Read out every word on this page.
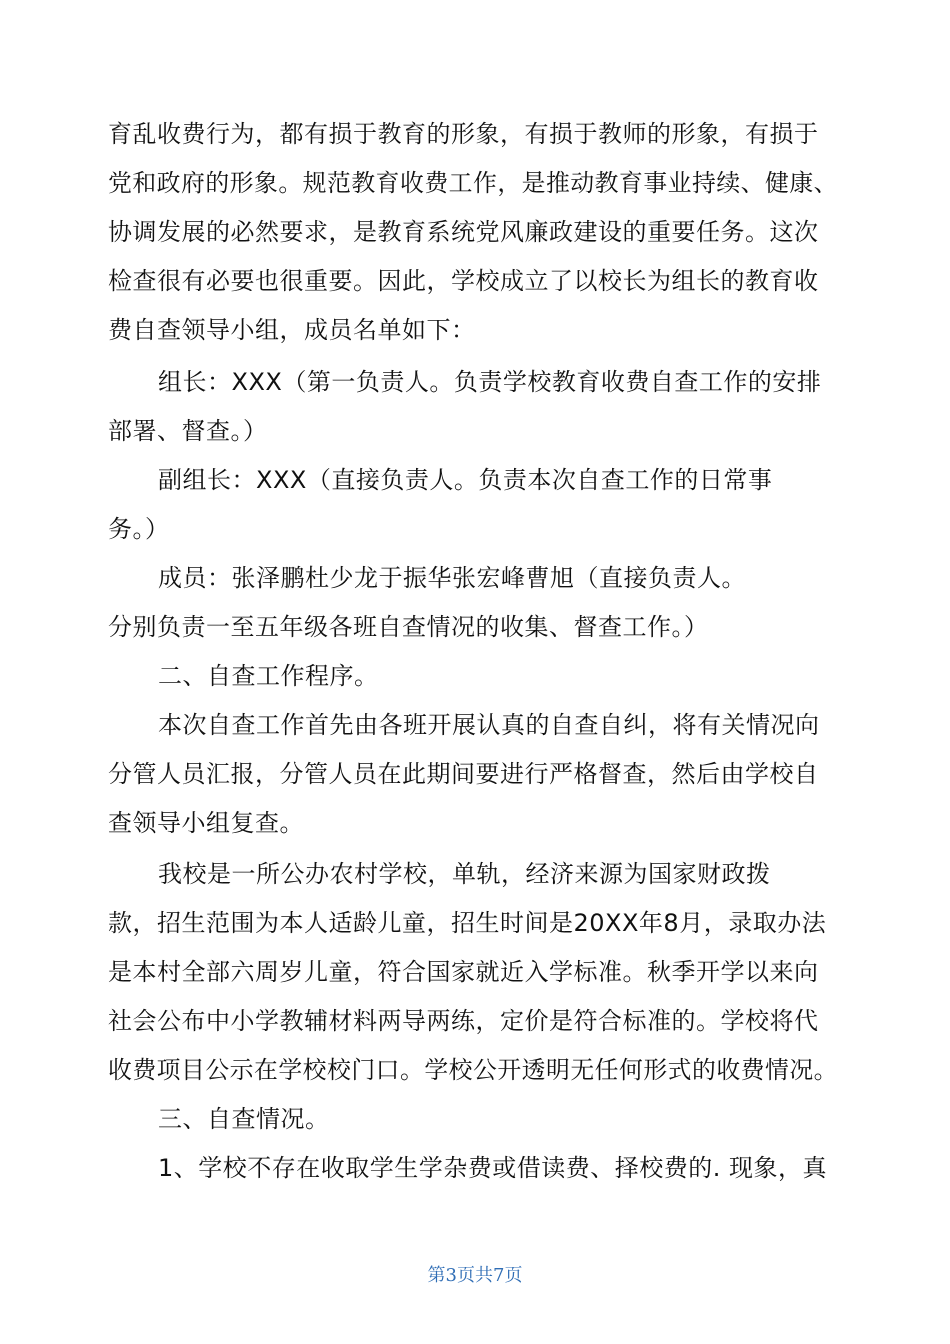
育乱收费行为，都有损于教育的形象，有损于教师的形象，有损于
党和政府的形象。规范教育收费工作，是推动教育事业持续、健康、
协调发展的必然要求，是教育系统党风廉政建设的重要任务。这次
检查很有必要也很重要。因此，学校成立了以校长为组长的教育收
费自查领导小组，成员名单如下：
组长：XXX（第一负责人。负责学校教育收费自查工作的安排
部署、督查。）
副组长：XXX（直接负责人。负责本次自查工作的日常事
务。）
成员：张泽鹏杜少龙于振华张宏峰曹旭（直接负责人。
分别负责一至五年级各班自查情况的收集、督查工作。）
二、自查工作程序。
本次自查工作首先由各班开展认真的自查自纠，将有关情况向
分管人员汇报，分管人员在此期间要进行严格督查，然后由学校自
查领导小组复查。
我校是一所公办农村学校，单轨，经济来源为国家财政拨
款，招生范围为本人适龄儿童，招生时间是20XX年8月，录取办法
是本村全部六周岁儿童，符合国家就近入学标准。秋季开学以来向
社会公布中小学教辅材料两导两练，定价是符合标准的。学校将代
收费项目公示在学校校门口。学校公开透明无任何形式的收费情况。
三、自查情况。
1、学校不存在收取学生学杂费或借读费、择校费的. 现象，真
第3页共7页
